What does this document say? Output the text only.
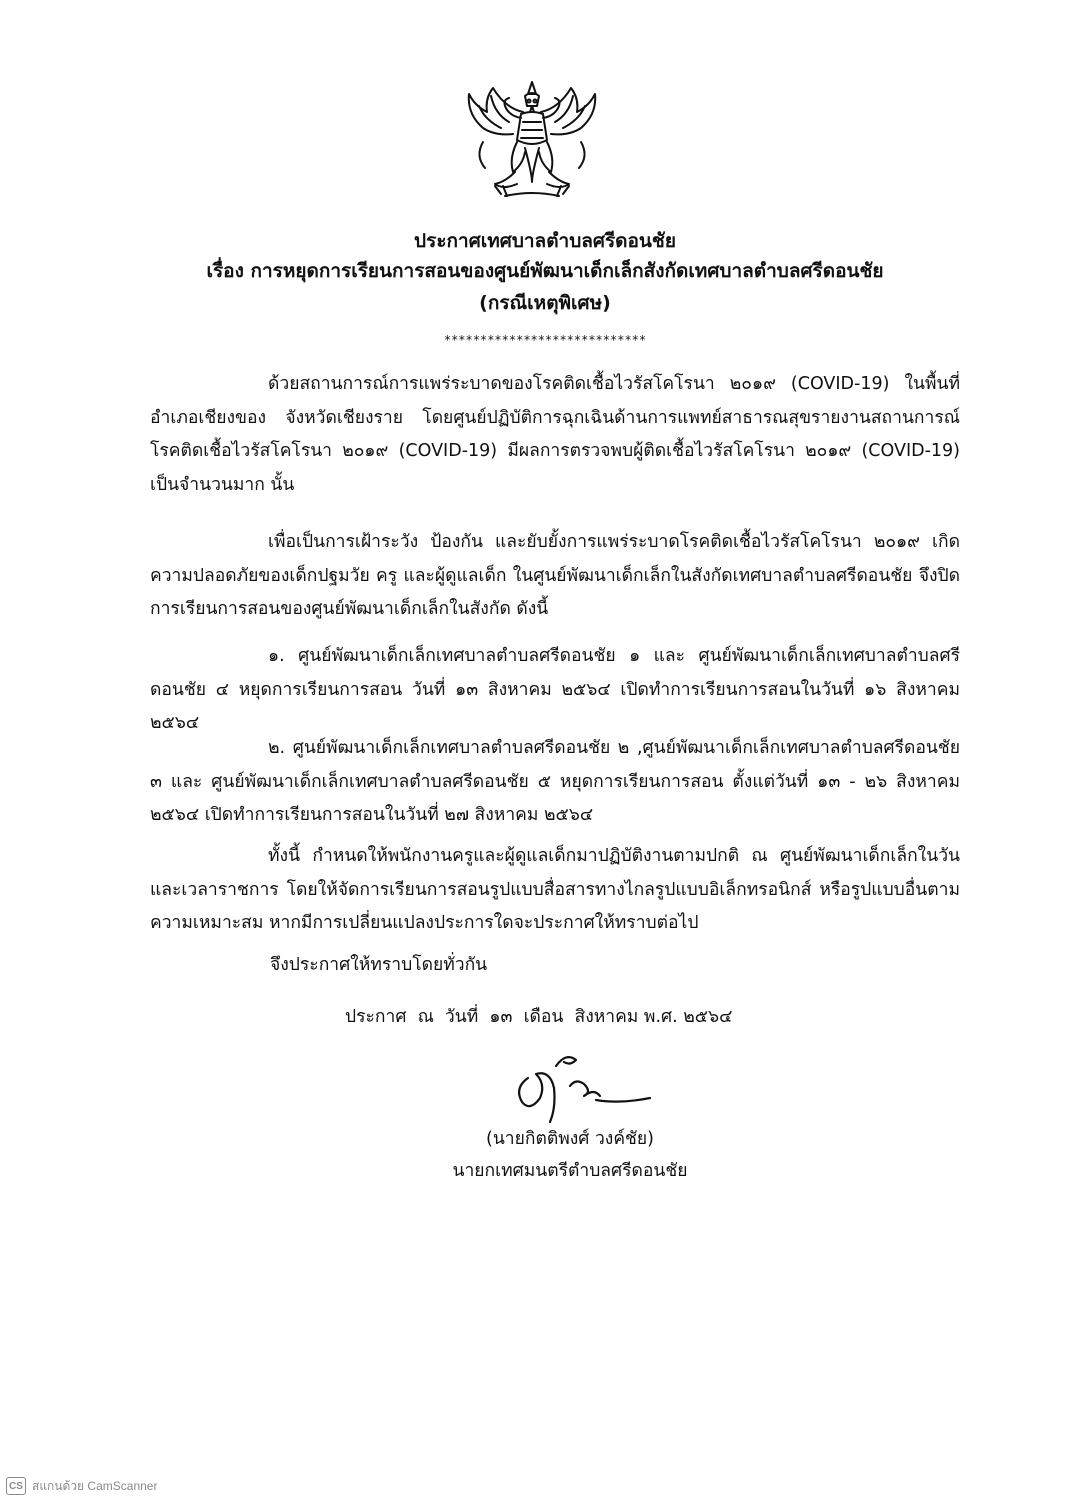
ประกาศเทศบาลตำบลศรีดอนชัย
เรื่อง การหยุดการเรียนการสอนของศูนย์พัฒนาเด็กเล็กสังกัดเทศบาลตำบลศรีดอนชัย
(กรณีเหตุพิเศษ)
****************************
ด้วยสถานการณ์การแพร่ระบาดของโรคติดเชื้อไวรัสโคโรนา ๒๐๑๙ (COVID-19) ในพื้นที่อำเภอเชียงของ จังหวัดเชียงราย โดยศูนย์ปฏิบัติการฉุกเฉินด้านการแพทย์สาธารณสุขรายงานสถานการณ์โรคติดเชื้อไวรัสโคโรนา ๒๐๑๙ (COVID-19) มีผลการตรวจพบผู้ติดเชื้อไวรัสโคโรนา ๒๐๑๙ (COVID-19) เป็นจำนวนมาก นั้น
เพื่อเป็นการเฝ้าระวัง ป้องกัน และยับยั้งการแพร่ระบาดโรคติดเชื้อไวรัสโคโรนา ๒๐๑๙ เกิดความปลอดภัยของเด็กปฐมวัย ครู และผู้ดูแลเด็ก ในศูนย์พัฒนาเด็กเล็กในสังกัดเทศบาลตำบลศรีดอนชัย จึงปิดการเรียนการสอนของศูนย์พัฒนาเด็กเล็กในสังกัด ดังนี้
๑. ศูนย์พัฒนาเด็กเล็กเทศบาลตำบลศรีดอนชัย ๑ และ ศูนย์พัฒนาเด็กเล็กเทศบาลตำบลศรีดอนชัย ๔ หยุดการเรียนการสอน วันที่ ๑๓ สิงหาคม ๒๕๖๔ เปิดทำการเรียนการสอนในวันที่ ๑๖ สิงหาคม ๒๕๖๔
๒. ศูนย์พัฒนาเด็กเล็กเทศบาลตำบลศรีดอนชัย ๒ ,ศูนย์พัฒนาเด็กเล็กเทศบาลตำบลศรีดอนชัย ๓ และ ศูนย์พัฒนาเด็กเล็กเทศบาลตำบลศรีดอนชัย ๕ หยุดการเรียนการสอน ตั้งแต่วันที่ ๑๓ - ๒๖ สิงหาคม ๒๕๖๔ เปิดทำการเรียนการสอนในวันที่ ๒๗ สิงหาคม ๒๕๖๔
ทั้งนี้ กำหนดให้พนักงานครูและผู้ดูแลเด็กมาปฏิบัติงานตามปกติ ณ ศูนย์พัฒนาเด็กเล็กในวันและเวลาราชการ โดยให้จัดการเรียนการสอนรูปแบบสื่อสารทางไกลรูปแบบอิเล็กทรอนิกส์ หรือรูปแบบอื่นตามความเหมาะสม หากมีการเปลี่ยนแปลงประการใดจะประกาศให้ทราบต่อไป
จึงประกาศให้ทราบโดยทั่วกัน
ประกาศ  ณ  วันที่  ๑๓  เดือน  สิงหาคม พ.ศ. ๒๕๖๔
(นายกิตติพงศ์ วงค์ชัย)
นายกเทศมนตรีตำบลศรีดอนชัย
CS สแกนด้วย CamScanner
